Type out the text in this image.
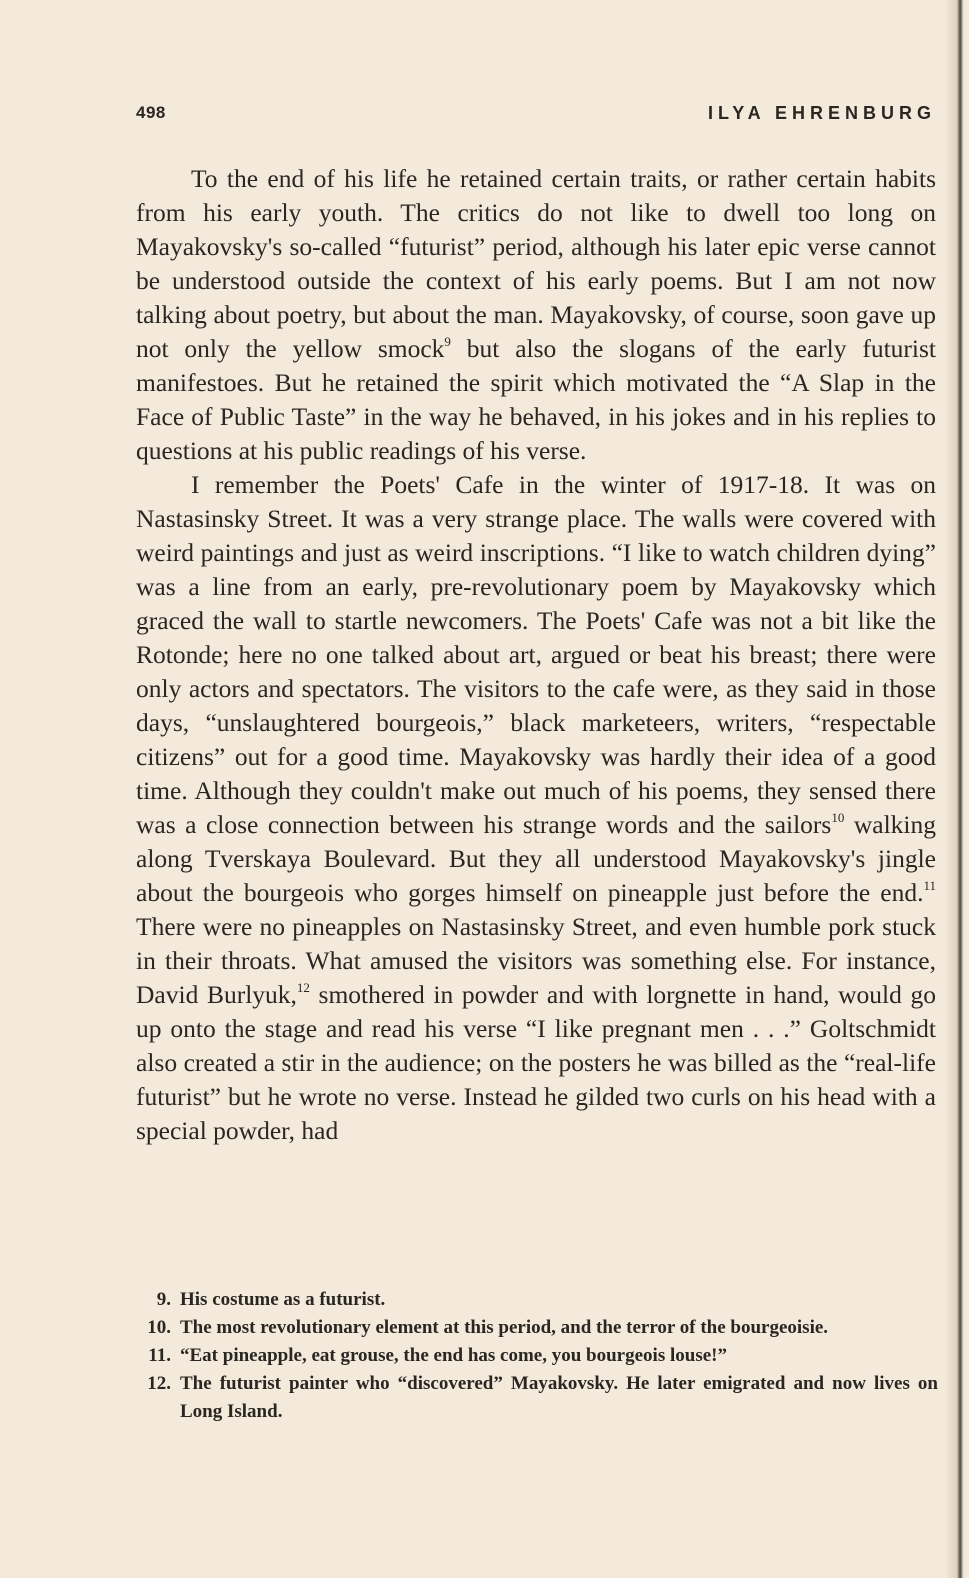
498	ILYA EHRENBURG

To the end of his life he retained certain traits, or rather certain habits from his early youth. The critics do not like to dwell too long on Mayakovsky's so-called “futurist” period, although his later epic verse cannot be understood outside the context of his early poems. But I am not now talking about poetry, but about the man. Mayakovsky, of course, soon gave up not only the yellow smock$^9$ but also the slogans of the early futurist manifestoes. But he retained the spirit which motivated the “A Slap in the Face of Public Taste” in the way he behaved, in his jokes and in his replies to questions at his public readings of his verse.

I remember the Poets' Cafe in the winter of 1917-18. It was on Nastasinsky Street. It was a very strange place. The walls were covered with weird paintings and just as weird inscriptions. “I like to watch children dying” was a line from an early, pre-revolutionary poem by Mayakovsky which graced the wall to startle newcomers. The Poets' Cafe was not a bit like the Rotonde; here no one talked about art, argued or beat his breast; there were only actors and spectators. The visitors to the cafe were, as they said in those days, “unslaughtered bourgeois,” black marketeers, writers, “respectable citizens” out for a good time. Mayakovsky was hardly their idea of a good time. Although they couldn't make out much of his poems, they sensed there was a close connection between his strange words and the sailors$^{10}$ walking along Tverskaya Boulevard. But they all understood Mayakovsky's jingle about the bourgeois who gorges himself on pineapple just before the end.$^{11}$ There were no pineapples on Nastasinsky Street, and even humble pork stuck in their throats. What amused the visitors was something else. For instance, David Burlyuk,$^{12}$ smothered in powder and with lorgnette in hand, would go up onto the stage and read his verse “I like pregnant men . . .” Goltschmidt also created a stir in the audience; on the posters he was billed as the “real-life futurist” but he wrote no verse. Instead he gilded two curls on his head with a special powder, had

9. His costume as a futurist.
10. The most revolutionary element at this period, and the terror of the bourgeoisie.
11. “Eat pineapple, eat grouse, the end has come, you bourgeois louse!”
12. The futurist painter who “discovered” Mayakovsky. He later emigrated and now lives on Long Island.
